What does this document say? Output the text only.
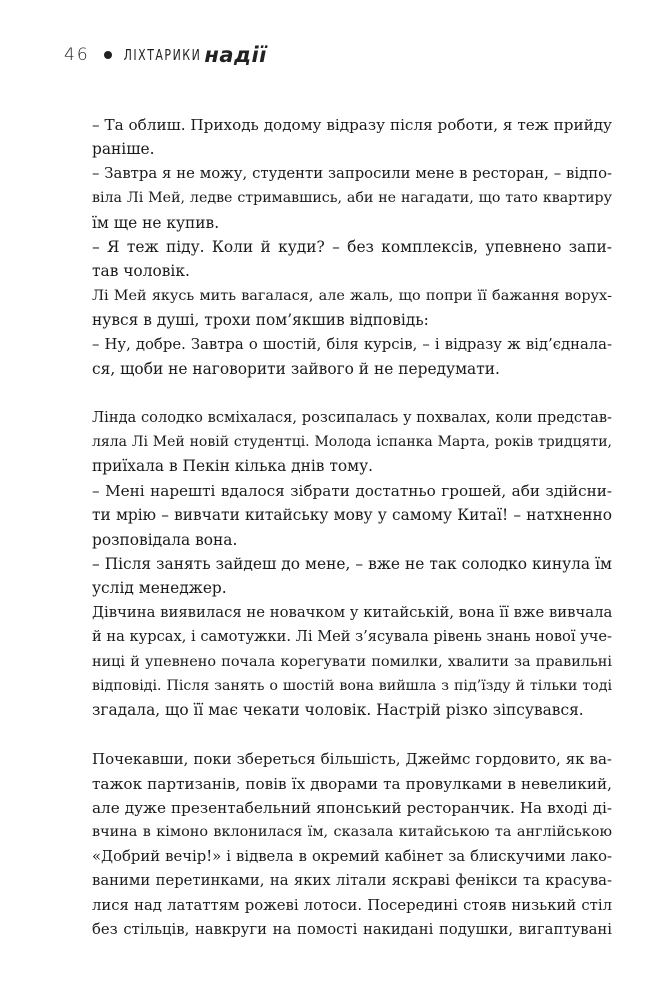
46	ЛІХТАРИКИ надії
– Та облиш. Приходь додому відразу після роботи, я теж прийду
раніше.
– Завтра я не можу, студенти запросили мене в ресторан, – відпо-
віла Лі Мей, ледве стримавшись, аби не нагадати, що тато квартиру
їм ще не купив.
– Я теж піду. Коли й куди? – без комплексів, упевнено запи-
тав чоловік.
Лі Мей якусь мить вагалася, але жаль, що попри її бажання ворух-
нувся в душі, трохи пом’якшив відповідь:
– Ну, добре. Завтра о шостій, біля курсів, – і відразу ж від’єднала-
ся, щоби не наговорити зайвого й не передумати.
Лінда солодко всміхалася, розсипалась у похвалах, коли представ-
ляла Лі Мей новій студентці. Молода іспанка Марта, років тридцяти,
приїхала в Пекін кілька днів тому.
– Мені нарешті вдалося зібрати достатньо грошей, аби здійсни-
ти мрію – вивчати китайську мову у самому Китаї! – натхненно
розповідала вона.
– Після занять зайдеш до мене, – вже не так солодко кинула їм
услід менеджер.
Дівчина виявилася не новачком у китайській, вона її вже вивчала
й на курсах, і самотужки. Лі Мей з’ясувала рівень знань нової учe-
ниці й упевнено почала корегувати помилки, хвалити за правильні
відповіді. Після занять о шостій вона вийшла з під’їзду й тільки тоді
згадала, що її має чекати чоловік. Настрій різко зіпсувався.
Почекавши, поки збереться більшість, Джеймс гордовито, як ва-
тажок партизанів, повів їх дворами та провулками в невеликий,
але дуже презентабельний японський ресторанчик. На вході ді-
вчина в кімоно вклонилася їм, сказала китайською та англійською
«Добрий вечір!» і відвела в окремий кабінет за блискучими лако-
ваними перетинками, на яких літали яскраві фенікси та красува-
лися над лататтям рожеві лотоси. Посередині стояв низький стіл
без стільців, навкруги на помості накидані подушки, вигаптувані
